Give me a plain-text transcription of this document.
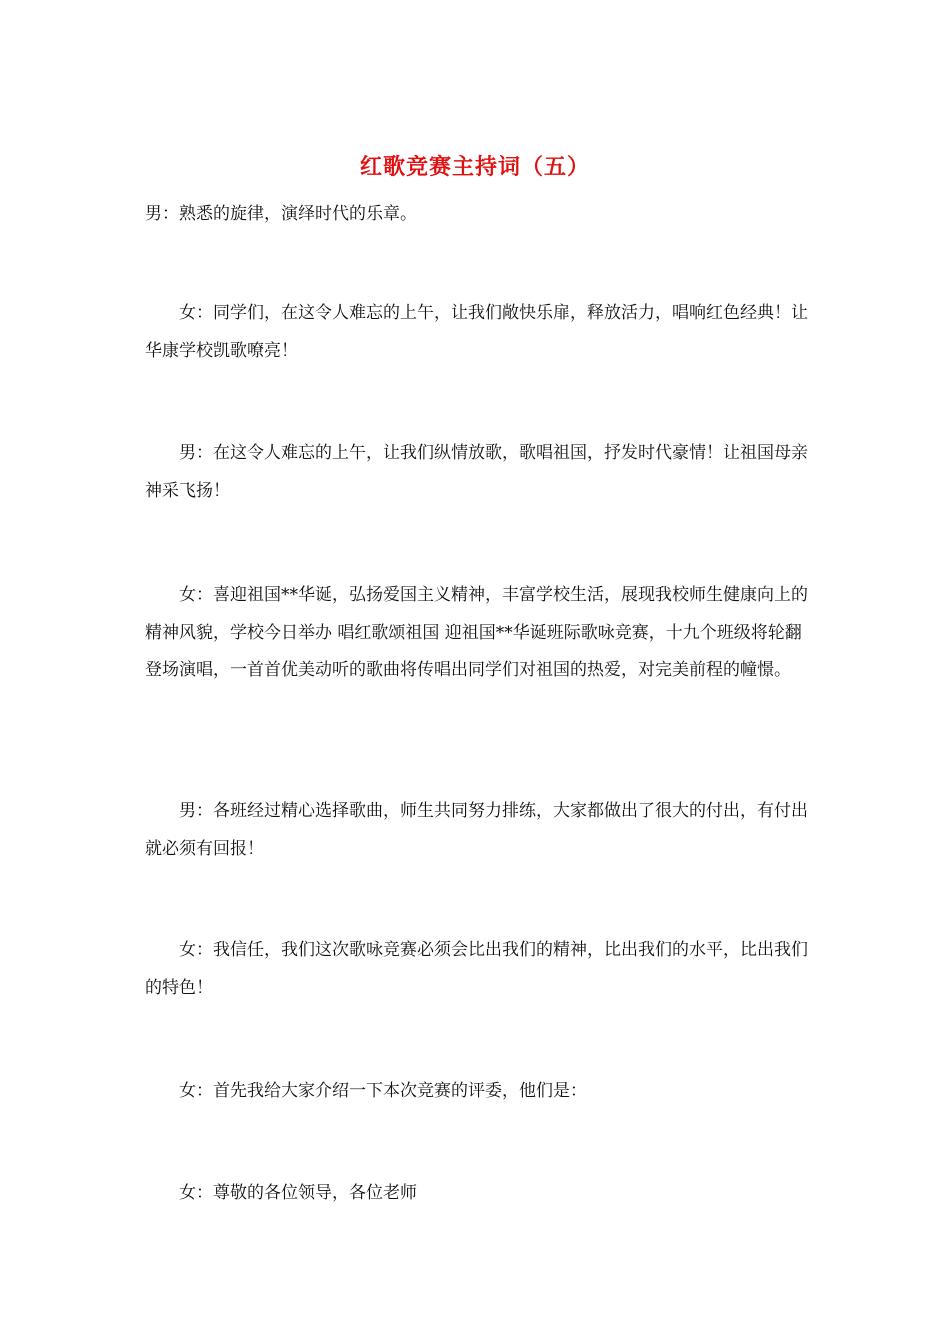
红歌竞赛主持词（五）

男：熟悉的旋律，演绎时代的乐章。

女：同学们，在这令人难忘的上午，让我们敞快乐扉，释放活力，唱响红色经典！让华康学校凯歌嘹亮！

男：在这令人难忘的上午，让我们纵情放歌，歌唱祖国，抒发时代豪情！让祖国母亲神采飞扬！

女：喜迎祖国**华诞，弘扬爱国主义精神，丰富学校生活，展现我校师生健康向上的精神风貌，学校今日举办 唱红歌颂祖国 迎祖国**华诞班际歌咏竞赛，十九个班级将轮翻登场演唱，一首首优美动听的歌曲将传唱出同学们对祖国的热爱，对完美前程的幢憬。

男：各班经过精心选择歌曲，师生共同努力排练，大家都做出了很大的付出，有付出就必须有回报！

女：我信任，我们这次歌咏竞赛必须会比出我们的精神，比出我们的水平，比出我们的特色！

女：首先我给大家介绍一下本次竞赛的评委，他们是：

女：尊敬的各位领导，各位老师
